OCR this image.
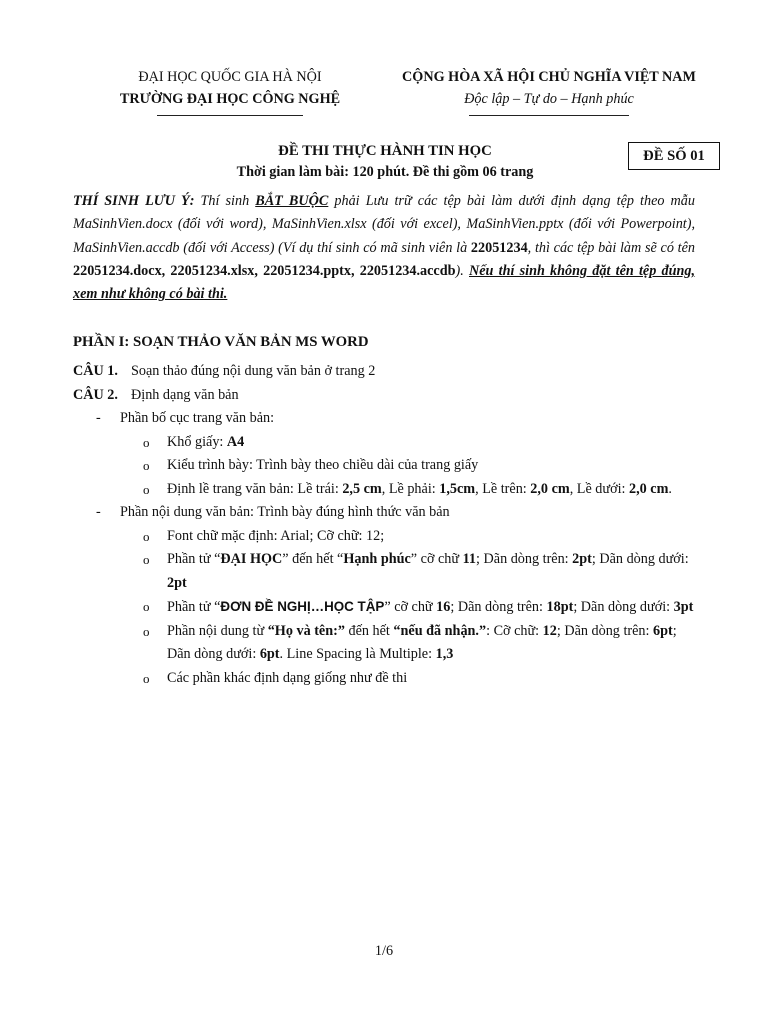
ĐẠI HỌC QUỐC GIA HÀ NỘI
TRƯỜNG ĐẠI HỌC CÔNG NGHỆ
CỘNG HÒA XÃ HỘI CHỦ NGHĨA VIỆT NAM
Độc lập – Tự do – Hạnh phúc
ĐỀ THI THỰC HÀNH TIN HỌC
Thời gian làm bài: 120 phút. Đề thi gồm 06 trang
ĐỀ SỐ 01
THÍ SINH LƯU Ý: Thí sinh BẮT BUỘC phải Lưu trữ các tệp bài làm dưới định dạng tệp theo mẫu MaSinhVien.docx (đối với word), MaSinhVien.xlsx (đối với excel), MaSinhVien.pptx (đối với Powerpoint), MaSinhVien.accdb (đối với Access) (Ví dụ thí sinh có mã sinh viên là 22051234, thì các tệp bài làm sẽ có tên 22051234.docx, 22051234.xlsx, 22051234.pptx, 22051234.accdb). Nếu thí sinh không đặt tên tệp đúng, xem như không có bài thi.
PHẦN I: SOẠN THẢO VĂN BẢN MS WORD
CÂU 1. Soạn thảo đúng nội dung văn bản ở trang 2
CÂU 2. Định dạng văn bản
- Phần bố cục trang văn bản:
o Khổ giấy: A4
o Kiểu trình bày: Trình bày theo chiều dài của trang giấy
o Định lề trang văn bản: Lề trái: 2,5 cm, Lề phải: 1,5cm, Lề trên: 2,0 cm, Lề dưới: 2,0 cm.
- Phần nội dung văn bản: Trình bày đúng hình thức văn bản
o Font chữ mặc định: Arial; Cỡ chữ: 12;
o Phần tử “ĐẠI HỌC” đến hết “Hạnh phúc” cỡ chữ 11; Dãn dòng trên: 2pt; Dãn dòng dưới: 2pt
o Phần tử “ĐƠN ĐỀ NGHỊ…HỌC TẬP” cỡ chữ 16; Dãn dòng trên: 18pt; Dãn dòng dưới: 3pt
o Phần nội dung từ “Họ và tên:” đến hết “nếu đã nhận.”: Cỡ chữ: 12; Dãn dòng trên: 6pt; Dãn dòng dưới: 6pt. Line Spacing là Multiple: 1,3
o Các phần khác định dạng giống như đề thi
1/6
